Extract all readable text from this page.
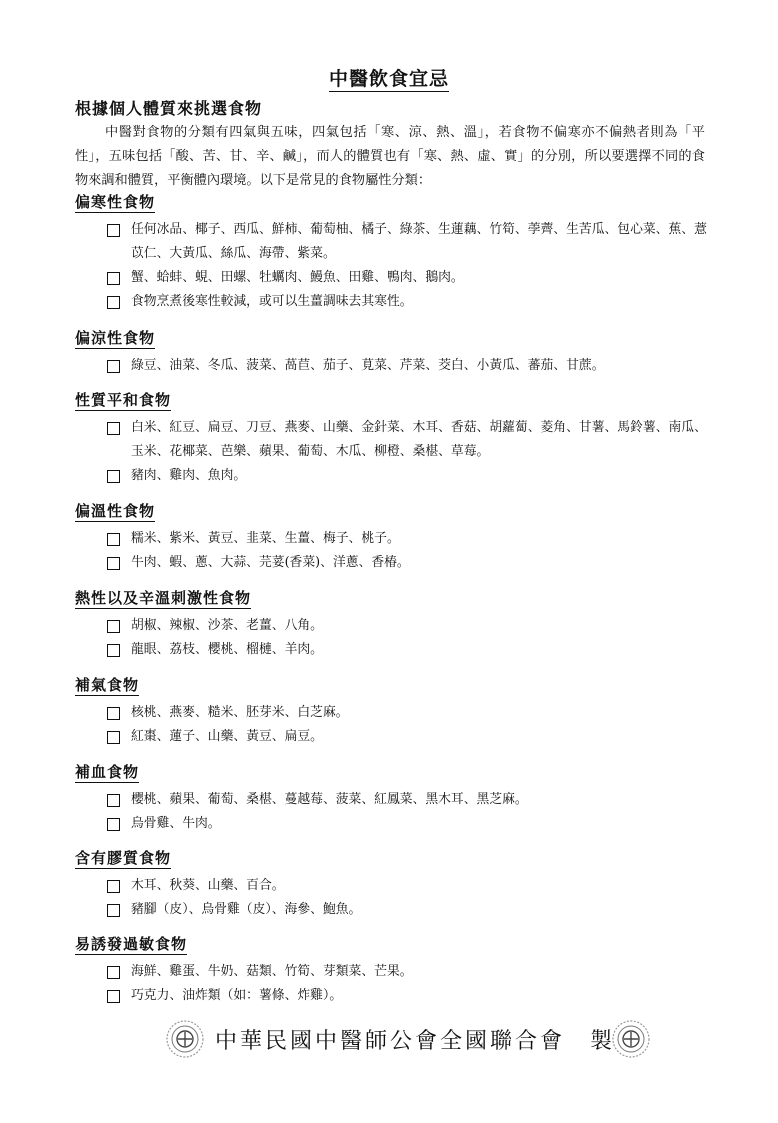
中醫飲食宜忌
根據個人體質來挑選食物
中醫對食物的分類有四氣與五味，四氣包括「寒、涼、熱、溫」，若食物不偏寒亦不偏熱者則為「平性」，五味包括「酸、苦、甘、辛、鹹」，而人的體質也有「寒、熱、虛、實」的分別，所以要選擇不同的食物來調和體質，平衡體內環境。以下是常見的食物屬性分類：
偏寒性食物
任何冰品、椰子、西瓜、鮮柿、葡萄柚、橘子、綠茶、生蓮藕、竹筍、荸薺、生苦瓜、包心菜、蕉、薏苡仁、大黃瓜、絲瓜、海帶、紫菜。
蟹、蛤蚌、蜆、田螺、牡蠣肉、鰻魚、田雞、鴨肉、鵝肉。
食物烹煮後寒性較減，或可以生薑調味去其寒性。
偏涼性食物
綠豆、油菜、冬瓜、菠菜、萵苣、茄子、莧菜、芹菜、茭白、小黃瓜、蕃茄、甘蔗。
性質平和食物
白米、紅豆、扁豆、刀豆、燕麥、山藥、金針菜、木耳、香菇、胡蘿蔔、菱角、甘薯、馬鈴薯、南瓜、玉米、花椰菜、芭樂、蘋果、葡萄、木瓜、柳橙、桑椹、草莓。
豬肉、雞肉、魚肉。
偏溫性食物
糯米、紫米、黃豆、韭菜、生薑、梅子、桃子。
牛肉、蝦、蔥、大蒜、芫荽(香菜)、洋蔥、香椿。
熱性以及辛溫刺激性食物
胡椒、辣椒、沙茶、老薑、八角。
龍眼、荔枝、櫻桃、榴槤、羊肉。
補氣食物
核桃、燕麥、糙米、胚芽米、白芝麻。
紅棗、蓮子、山藥、黃豆、扁豆。
補血食物
櫻桃、蘋果、葡萄、桑椹、蔓越莓、菠菜、紅鳳菜、黑木耳、黑芝麻。
烏骨雞、牛肉。
含有膠質食物
木耳、秋葵、山藥、百合。
豬腳（皮）、烏骨雞（皮）、海參、鮑魚。
易誘發過敏食物
海鮮、雞蛋、牛奶、菇類、竹筍、芽類菜、芒果。
巧克力、油炸類（如：薯條、炸雞）。
中華民國中醫師公會全國聯合會　製
